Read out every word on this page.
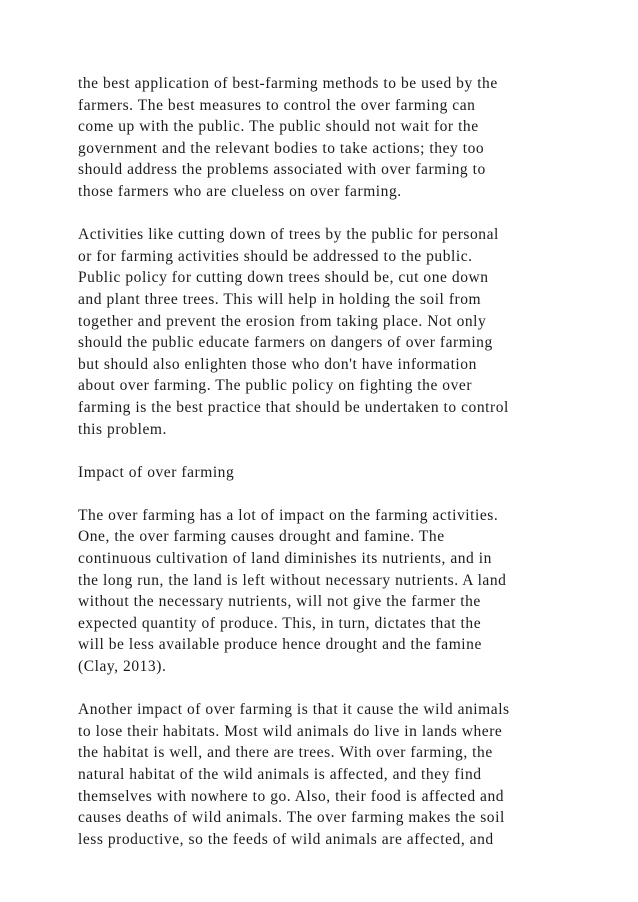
the best application of best-farming methods to be used by the
farmers. The best measures to control the over farming can
come up with the public. The public should not wait for the
government and the relevant bodies to take actions; they too
should address the problems associated with over farming to
those farmers who are clueless on over farming.
Activities like cutting down of trees by the public for personal
or for farming activities should be addressed to the public.
Public policy for cutting down trees should be, cut one down
and plant three trees. This will help in holding the soil from
together and prevent the erosion from taking place. Not only
should the public educate farmers on dangers of over farming
but should also enlighten those who don't have information
about over farming. The public policy on fighting the over
farming is the best practice that should be undertaken to control
this problem.
Impact of over farming
The over farming has a lot of impact on the farming activities.
One, the over farming causes drought and famine. The
continuous cultivation of land diminishes its nutrients, and in
the long run, the land is left without necessary nutrients. A land
without the necessary nutrients, will not give the farmer the
expected quantity of produce. This, in turn, dictates that the
will be less available produce hence drought and the famine
(Clay, 2013).
Another impact of over farming is that it cause the wild animals
to lose their habitats. Most wild animals do live in lands where
the habitat is well, and there are trees. With over farming, the
natural habitat of the wild animals is affected, and they find
themselves with nowhere to go. Also, their food is affected and
causes deaths of wild animals. The over farming makes the soil
less productive, so the feeds of wild animals are affected, and
